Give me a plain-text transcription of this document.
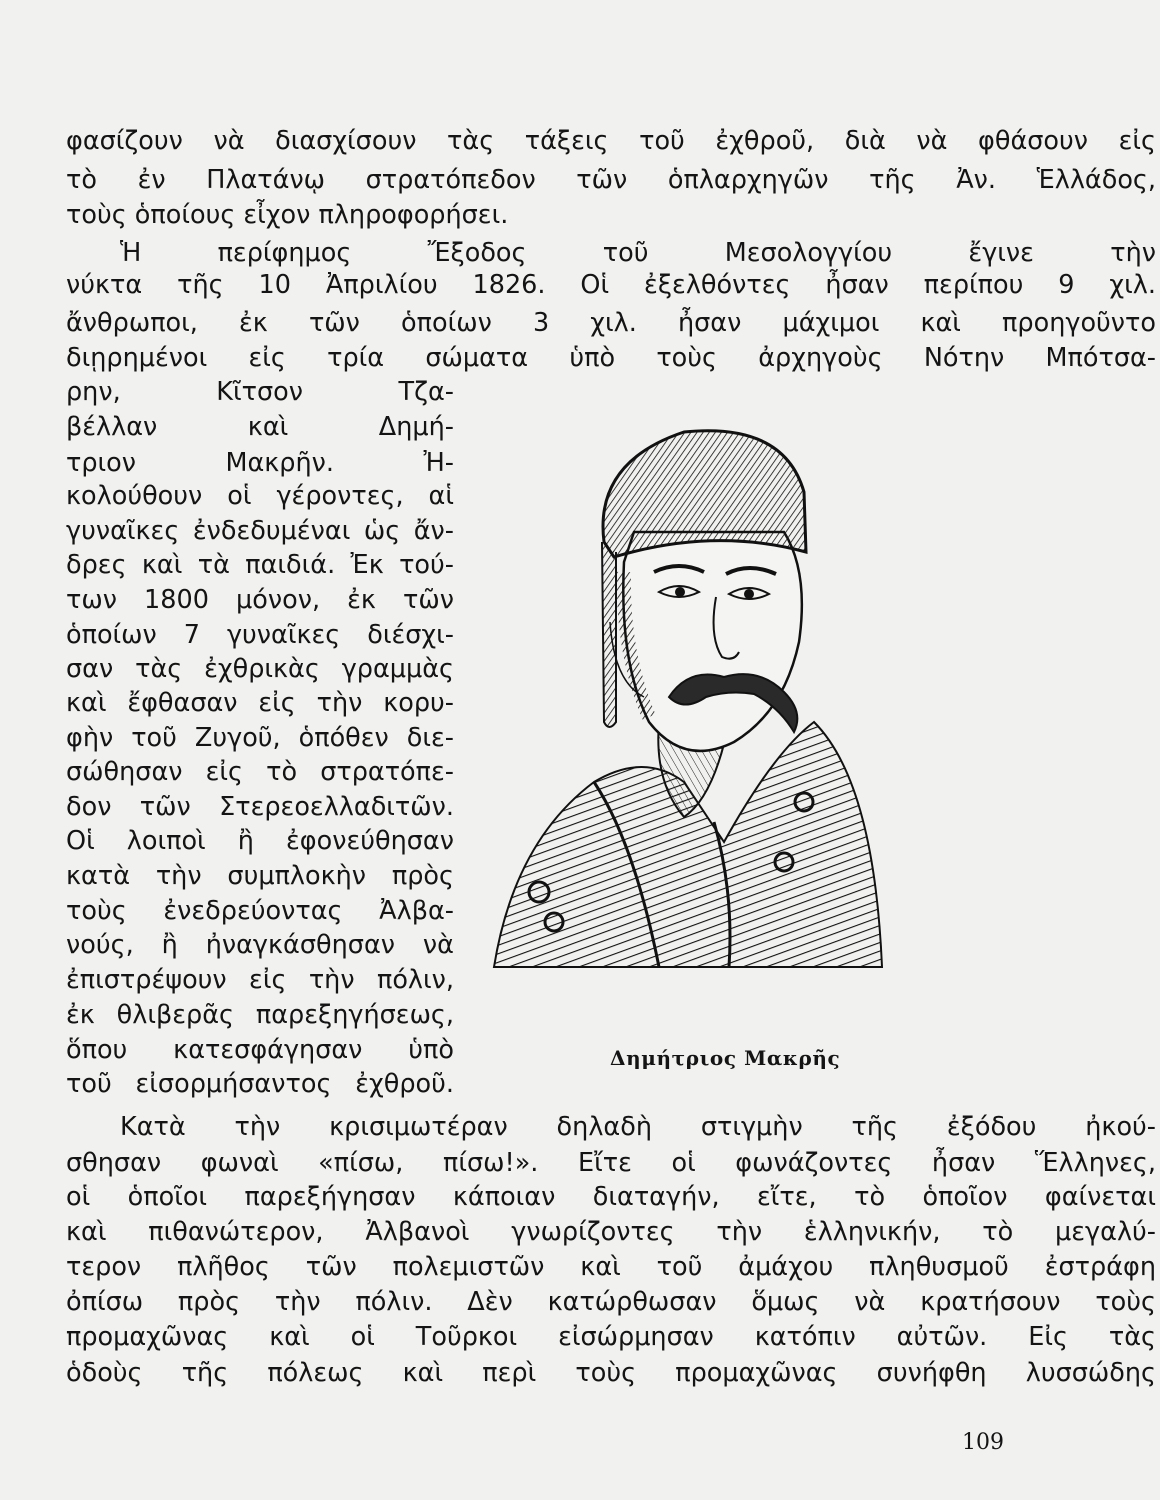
φασίζουν νὰ διασχίσουν τὰς τάξεις τοῦ ἐχθροῦ, διὰ νὰ φθάσουν εἰς
τὸ ἐν Πλατάνῳ στρατόπεδον τῶν ὁπλαρχηγῶν τῆς Ἀν. Ἑλλάδος,
τοὺς ὁποίους εἶχον πληροφορήσει.
Ἡ περίφημος Ἔξοδος τοῦ Μεσολογγίου ἔγινε τὴν
νύκτα τῆς 10 Ἀπριλίου 1826. Οἱ ἐξελθόντες ἦσαν περίπου 9 χιλ.
ἄνθρωποι, ἐκ τῶν ὁποίων 3 χιλ. ἦσαν μάχιμοι καὶ προηγοῦντο
διῃρημένοι εἰς τρία σώματα ὑπὸ τοὺς ἀρχηγοὺς Νότην Μπότσα-
ρην, Κῖτσον Τζα-
βέλλαν καὶ Δημή-
τριον Μακρῆν. Ἠ-
κολούθουν οἱ γέροντες, αἱ
γυναῖκες ἐνδεδυμέναι ὡς ἄν-
δρες καὶ τὰ παιδιά. Ἐκ τού-
των 1800 μόνον, ἐκ τῶν
ὁποίων 7 γυναῖκες διέσχι-
σαν τὰς ἐχθρικὰς γραμμὰς
καὶ ἔφθασαν εἰς τὴν κορυ-
φὴν τοῦ Ζυγοῦ, ὁπόθεν διε-
σώθησαν εἰς τὸ στρατόπε-
δον τῶν Στερεοελλαδιτῶν.
Οἱ λοιποὶ ἢ ἐφονεύθησαν
κατὰ τὴν συμπλοκὴν πρὸς
τοὺς ἐνεδρεύοντας Ἀλβα-
νούς, ἢ ἠναγκάσθησαν νὰ
ἐπιστρέψουν εἰς τὴν πόλιν,
ἐκ θλιβερᾶς παρεξηγήσεως,
ὅπου κατεσφάγησαν ὑπὸ
τοῦ εἰσορμήσαντος ἐχθροῦ.
Δημήτριος Μακρῆς
Κατὰ τὴν κρισιμωτέραν δηλαδὴ στιγμὴν τῆς ἐξόδου ἠκού-
σθησαν φωναὶ «πίσω, πίσω!». Εἴτε οἱ φωνάζοντες ἦσαν Ἕλληνες,
οἱ ὁποῖοι παρεξήγησαν κάποιαν διαταγήν, εἴτε, τὸ ὁποῖον φαίνεται
καὶ πιθανώτερον, Ἀλβανοὶ γνωρίζοντες τὴν ἑλληνικήν, τὸ μεγαλύ-
τερον πλῆθος τῶν πολεμιστῶν καὶ τοῦ ἀμάχου πληθυσμοῦ ἐστράφη
ὀπίσω πρὸς τὴν πόλιν. Δὲν κατώρθωσαν ὅμως νὰ κρατήσουν τοὺς
προμαχῶνας καὶ οἱ Τοῦρκοι εἰσώρμησαν κατόπιν αὐτῶν. Εἰς τὰς
ὁδοὺς τῆς πόλεως καὶ περὶ τοὺς προμαχῶνας συνήφθη λυσσώδης
109
